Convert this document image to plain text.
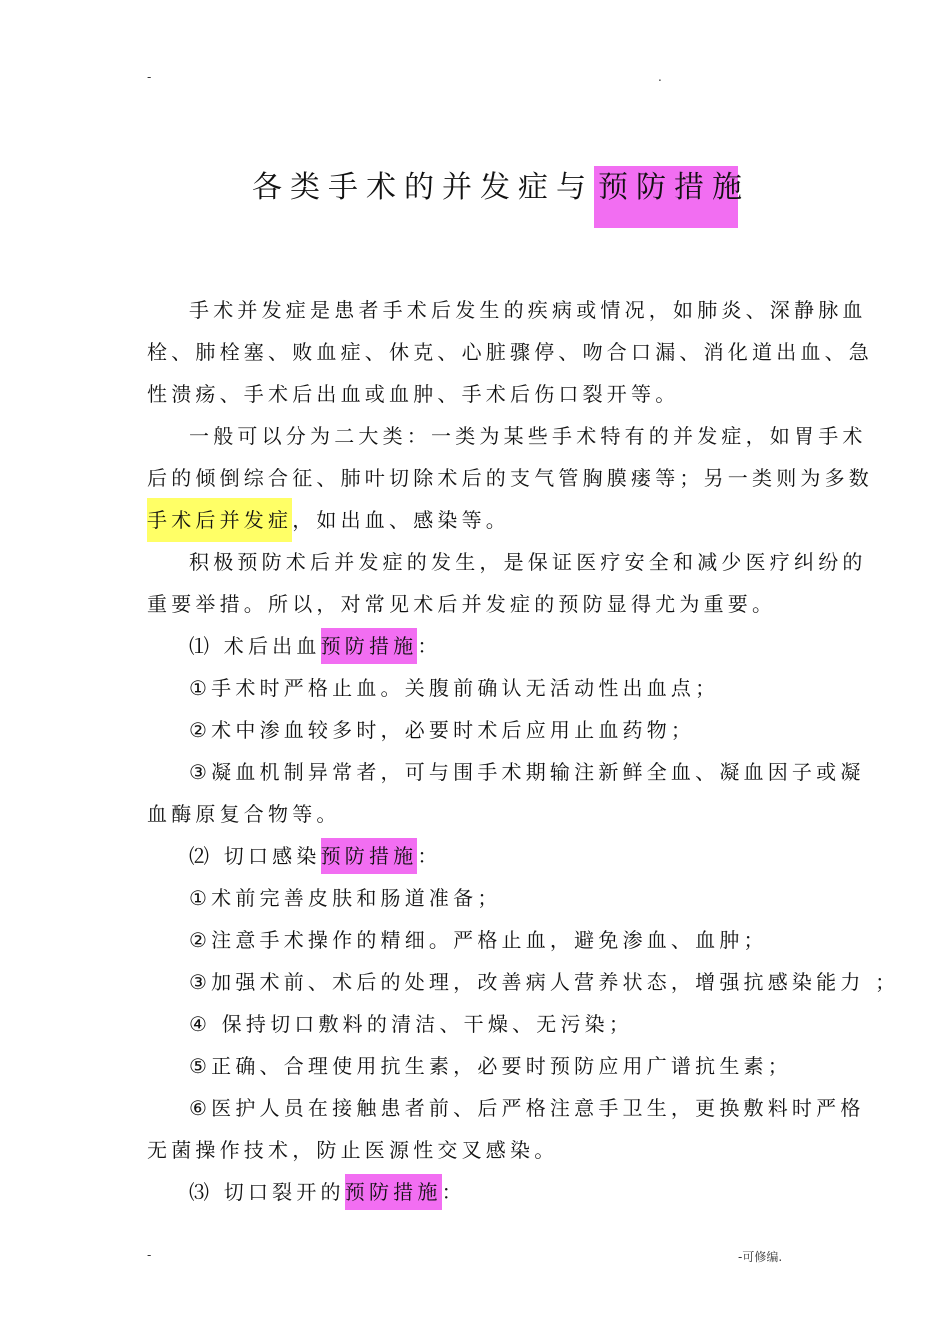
-	.
各类手术的并发症与 预防措施
手术并发症是患者手术后发生的疾病或情况，如肺炎、深静脉血
栓、肺栓塞、败血症、休克、心脏骤停、吻合口漏、消化道出血、急
性溃疡、手术后出血或血肿、手术后伤口裂开等。
一般可以分为二大类：一类为某些手术特有的并发症，如胃手术
后的倾倒综合征、肺叶切除术后的支气管胸膜瘘等；另一类则为多数
手术后并发症，如出血、感染等。
积极预防术后并发症的发生，是保证医疗安全和减少医疗纠纷的
重要举措。所以，对常见术后并发症的预防显得尤为重要。
⑴ 术后出血预防措施：
①手术时严格止血。关腹前确认无活动性出血点；
②术中渗血较多时，必要时术后应用止血药物；
③凝血机制异常者，可与围手术期输注新鲜全血、凝血因子或凝
血酶原复合物等。
⑵ 切口感染预防措施：
①术前完善皮肤和肠道准备；
②注意手术操作的精细。严格止血，避免渗血、血肿；
③加强术前、术后的处理，改善病人营养状态，增强抗感染能力 ；
④ 保持切口敷料的清洁、干燥、无污染；
⑤正确、合理使用抗生素，必要时预防应用广谱抗生素；
⑥医护人员在接触患者前、后严格注意手卫生，更换敷料时严格
无菌操作技术，防止医源性交叉感染。
⑶ 切口裂开的预防措施：
-	-可修编.
